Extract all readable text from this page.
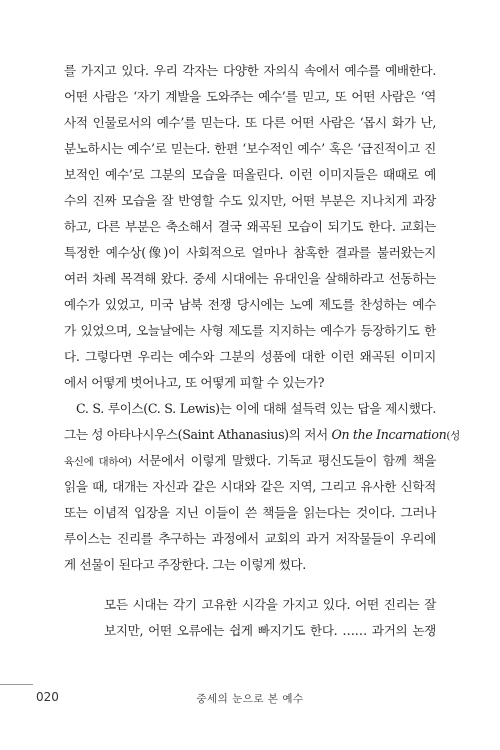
를 가지고 있다. 우리 각자는 다양한 자의식 속에서 예수를 예배한다.
어떤 사람은 ‘자기 계발을 도와주는 예수’를 믿고, 또 어떤 사람은 ‘역
사적 인물로서의 예수’를 믿는다. 또 다른 어떤 사람은 ‘몹시 화가 난,
분노하시는 예수’로 믿는다. 한편 ‘보수적인 예수’ 혹은 ‘급진적이고 진
보적인 예수’로 그분의 모습을 떠올린다. 이런 이미지들은 때때로 예
수의 진짜 모습을 잘 반영할 수도 있지만, 어떤 부분은 지나치게 과장
하고, 다른 부분은 축소해서 결국 왜곡된 모습이 되기도 한다. 교회는
특정한 예수상(像)이 사회적으로 얼마나 참혹한 결과를 불러왔는지
여러 차례 목격해 왔다. 중세 시대에는 유대인을 살해하라고 선동하는
예수가 있었고, 미국 남북 전쟁 당시에는 노예 제도를 찬성하는 예수
가 있었으며, 오늘날에는 사형 제도를 지지하는 예수가 등장하기도 한
다. 그렇다면 우리는 예수와 그분의 성품에 대한 이런 왜곡된 이미지
에서 어떻게 벗어나고, 또 어떻게 피할 수 있는가?
C. S. 루이스(C. S. Lewis)는 이에 대해 설득력 있는 답을 제시했다.
그는 성 아타나시우스(Saint Athanasius)의 저서 On the Incarnation(성
육신에 대하여) 서문에서 이렇게 말했다. 기독교 평신도들이 함께 책을
읽을 때, 대개는 자신과 같은 시대와 같은 지역, 그리고 유사한 신학적
또는 이념적 입장을 지닌 이들이 쓴 책들을 읽는다는 것이다. 그러나
루이스는 진리를 추구하는 과정에서 교회의 과거 저작물들이 우리에
게 선물이 된다고 주장한다. 그는 이렇게 썼다.
모든 시대는 각기 고유한 시각을 가지고 있다. 어떤 진리는 잘
보지만, 어떤 오류에는 쉽게 빠지기도 한다. …… 과거의 논쟁
020	중세의 눈으로 본 예수
